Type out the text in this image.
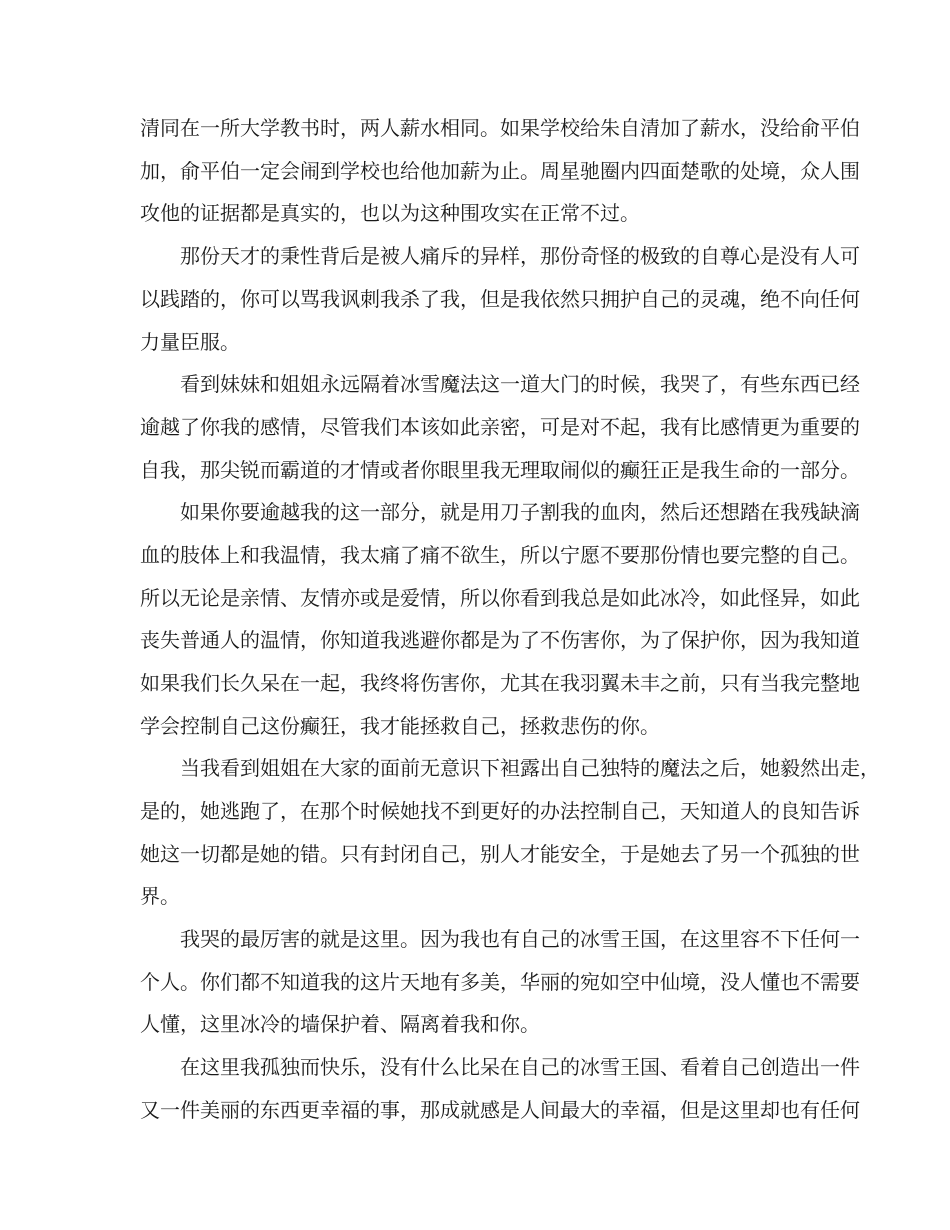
清同在一所大学教书时，两人薪水相同。如果学校给朱自清加了薪水，没给俞平伯
加，俞平伯一定会闹到学校也给他加薪为止。周星驰圈内四面楚歌的处境，众人围
攻他的证据都是真实的，也以为这种围攻实在正常不过。
那份天才的秉性背后是被人痛斥的异样，那份奇怪的极致的自尊心是没有人可
以践踏的，你可以骂我讽刺我杀了我，但是我依然只拥护自己的灵魂，绝不向任何
力量臣服。
看到妹妹和姐姐永远隔着冰雪魔法这一道大门的时候，我哭了，有些东西已经
逾越了你我的感情，尽管我们本该如此亲密，可是对不起，我有比感情更为重要的
自我，那尖锐而霸道的才情或者你眼里我无理取闹似的癫狂正是我生命的一部分。
如果你要逾越我的这一部分，就是用刀子割我的血肉，然后还想踏在我残缺滴
血的肢体上和我温情，我太痛了痛不欲生，所以宁愿不要那份情也要完整的自己。
所以无论是亲情、友情亦或是爱情，所以你看到我总是如此冰冷，如此怪异，如此
丧失普通人的温情，你知道我逃避你都是为了不伤害你，为了保护你，因为我知道
如果我们长久呆在一起，我终将伤害你，尤其在我羽翼未丰之前，只有当我完整地
学会控制自己这份癫狂，我才能拯救自己，拯救悲伤的你。
当我看到姐姐在大家的面前无意识下袒露出自己独特的魔法之后，她毅然出走，
是的，她逃跑了，在那个时候她找不到更好的办法控制自己，天知道人的良知告诉
她这一切都是她的错。只有封闭自己，别人才能安全，于是她去了另一个孤独的世
界。
我哭的最厉害的就是这里。因为我也有自己的冰雪王国，在这里容不下任何一
个人。你们都不知道我的这片天地有多美，华丽的宛如空中仙境，没人懂也不需要
人懂，这里冰冷的墙保护着、隔离着我和你。
在这里我孤独而快乐，没有什么比呆在自己的冰雪王国、看着自己创造出一件
又一件美丽的东西更幸福的事，那成就感是人间最大的幸福，但是这里却也有任何
